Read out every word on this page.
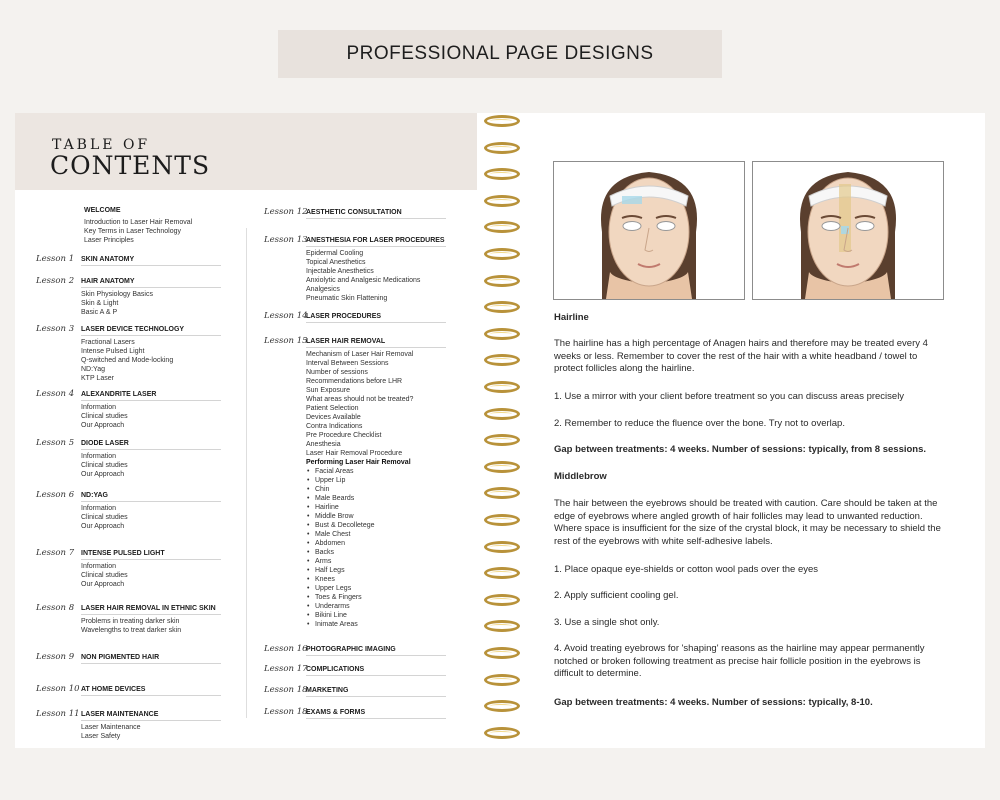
PROFESSIONAL PAGE DESIGNS
TABLE OF
CONTENTS
WELCOME
Introduction to Laser Hair Removal
Key Terms in Laser Technology
Laser Principles
Lesson 1 SKIN ANATOMY
Lesson 2 HAIR ANATOMY
Skin Physiology Basics
Skin & Light
Basic A & P
Lesson 3 LASER DEVICE TECHNOLOGY
Fractional Lasers
Intense Pulsed Light
Q-switched and Mode-locking
ND:Yag
KTP Laser
Lesson 4 ALEXANDRITE LASER
Information
Clinical studies
Our Approach
Lesson 5 DIODE LASER
Information
Clinical studies
Our Approach
Lesson 6 ND:YAG
Information
Clinical studies
Our Approach
Lesson 7 INTENSE PULSED LIGHT
Information
Clinical studies
Our Approach
Lesson 8 LASER HAIR REMOVAL IN ETHNIC SKIN
Problems in treating darker skin
Wavelengths to treat darker skin
Lesson 9 NON PIGMENTED HAIR
Lesson 10 AT HOME DEVICES
Lesson 11 LASER MAINTENANCE
Laser Maintenance
Laser Safety
Lesson 12
AESTHETIC CONSULTATION
Lesson 13
ANESTHESIA FOR LASER PROCEDURES
Epidermal Cooling
Topical Anesthetics
Injectable Anesthetics
Anxiolytic and Analgesic Medications
Analgesics
Pneumatic Skin Flattening
Lesson 14
LASER PROCEDURES
Lesson 15
LASER HAIR REMOVAL
Mechanism of Laser Hair Removal
Interval Between Sessions
Number of sessions
Recommendations before LHR
Sun Exposure
What areas should not be treated?
Patient Selection
Devices Available
Contra Indications
Pre Procedure Checklist
Anesthesia
Laser Hair Removal Procedure
Performing Laser Hair Removal
• Facial Areas
• Upper Lip
• Chin
• Male Beards
• Hairline
• Middle Brow
• Bust & Decolletege
• Male Chest
• Abdomen
• Backs
• Arms
• Half Legs
• Knees
• Upper Legs
• Toes & Fingers
• Underarms
• Bikini Line
• Inimate Areas
Lesson 16
PHOTOGRAPHIC IMAGING
Lesson 17
COMPLICATIONS
Lesson 18
MARKETING
Lesson 18
EXAMS & FORMS
Hairline
The hairline has a high percentage of Anagen hairs and therefore may be treated every 4 weeks or less. Remember to cover the rest of the hair with a white headband / towel to protect follicles along the hairline.
1. Use a mirror with your client before treatment so you can discuss areas precisely
2. Remember to reduce the fluence over the bone. Try not to overlap.
Gap between treatments: 4 weeks. Number of sessions: typically, from 8 sessions.
Middlebrow
The hair between the eyebrows should be treated with caution. Care should be taken at the edge of eyebrows where angled growth of hair follicles may lead to unwanted reduction. Where space is insufficient for the size of the crystal block, it may be necessary to shield the rest of the eyebrows with white self-adhesive labels.
1. Place opaque eye-shields or cotton wool pads over the eyes
2. Apply sufficient cooling gel.
3. Use a single shot only.
4. Avoid treating eyebrows for 'shaping' reasons as the hairline may appear permanently notched or broken following treatment as precise hair follicle position in the eyebrows is difficult to determine.
Gap between treatments: 4 weeks. Number of sessions: typically, 8-10.
